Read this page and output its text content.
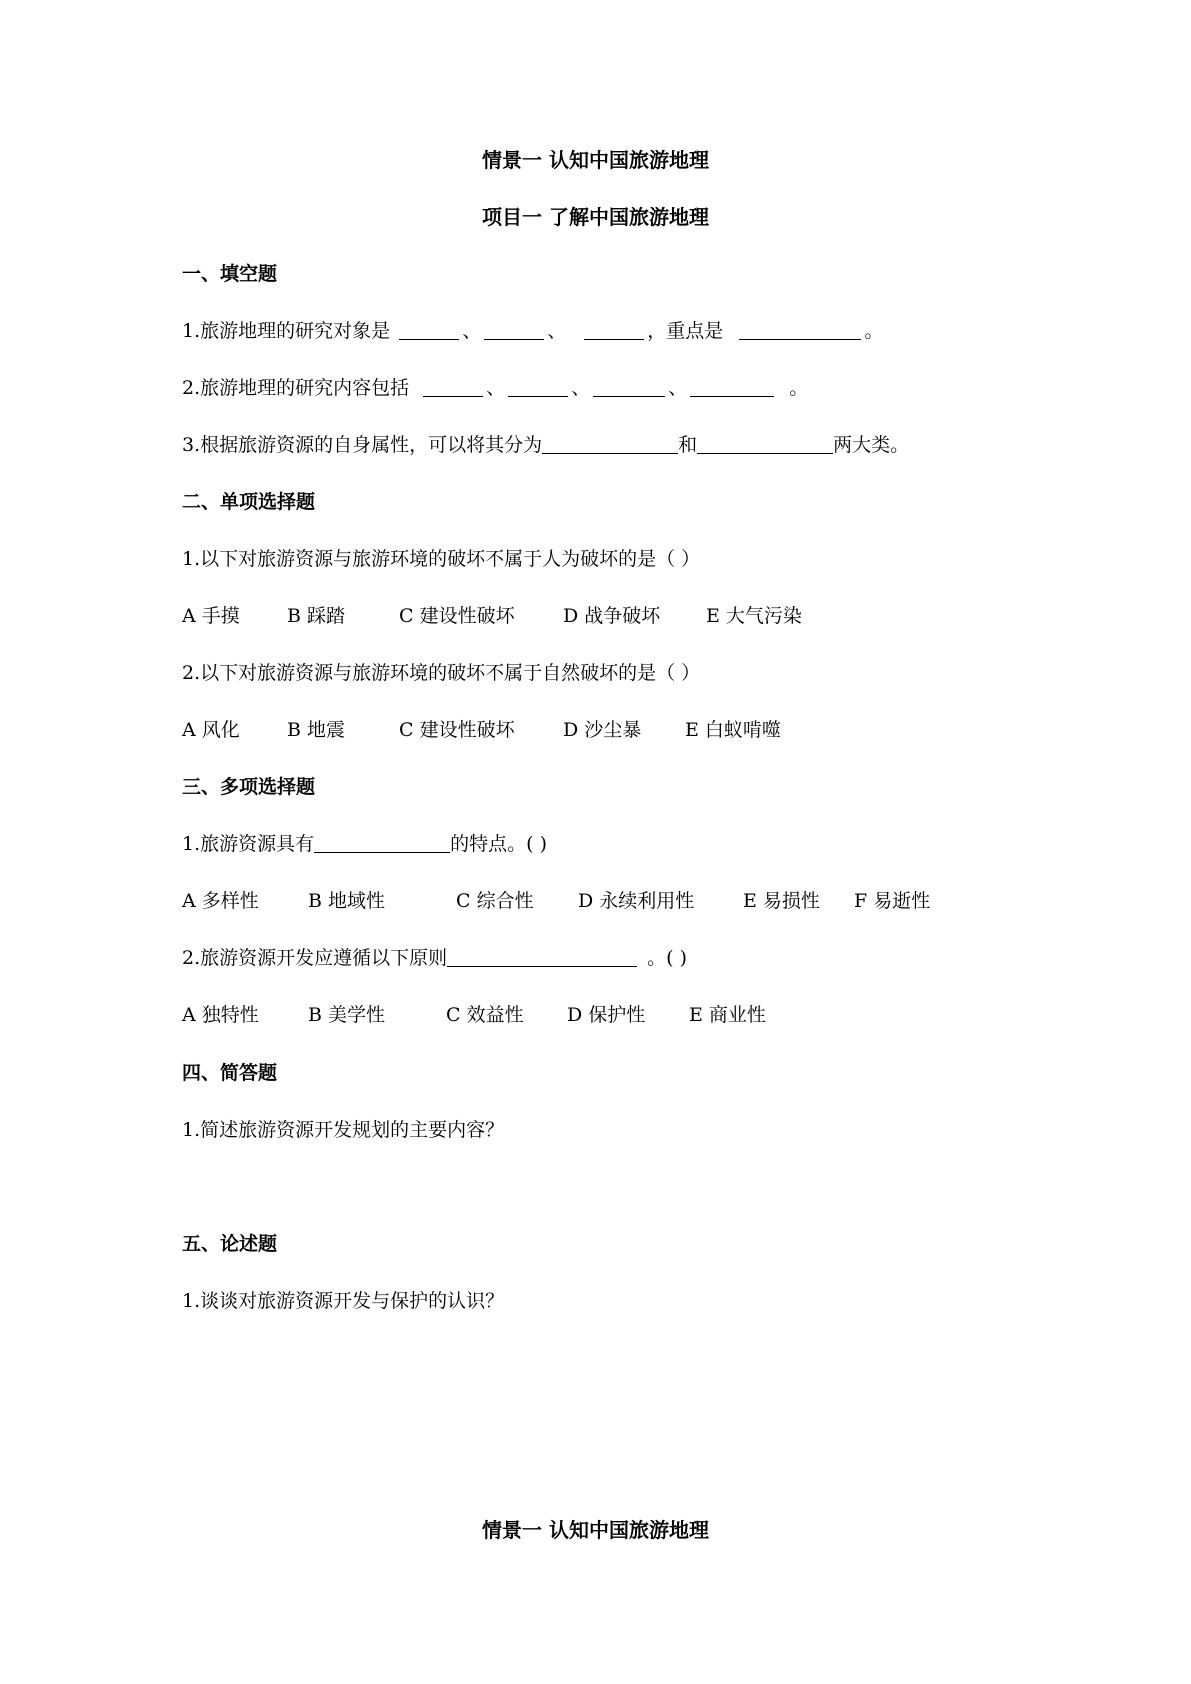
情景一 认知中国旅游地理
项目一 了解中国旅游地理
一、填空题
1.旅游地理的研究对象是	、	、	，重点是	。
2.旅游地理的研究内容包括	、	、	、	。
3.根据旅游资源的自身属性，可以将其分为	和	两大类。
二、单项选择题
1.以下对旅游资源与旅游环境的破坏不属于人为破坏的是（ ）
A 手摸 B 踩踏	C 建设性破坏	D 战争破坏 E 大气污染
2.以下对旅游资源与旅游环境的破坏不属于自然破坏的是（ ）
A 风化 B 地震	C 建设性破坏	D 沙尘暴 E 白蚁啃噬
三、多项选择题
1.旅游资源具有	的特点。( )
A 多样性	B 地域性	C 综合性 D 永续利用性	E 易损性 F 易逝性
2.旅游资源开发应遵循以下原则	。( )
A 独特性	B 美学性	C 效益性 D 保护性 E 商业性
四、简答题
1.简述旅游资源开发规划的主要内容？
五、论述题
1.谈谈对旅游资源开发与保护的认识？
情景一 认知中国旅游地理
